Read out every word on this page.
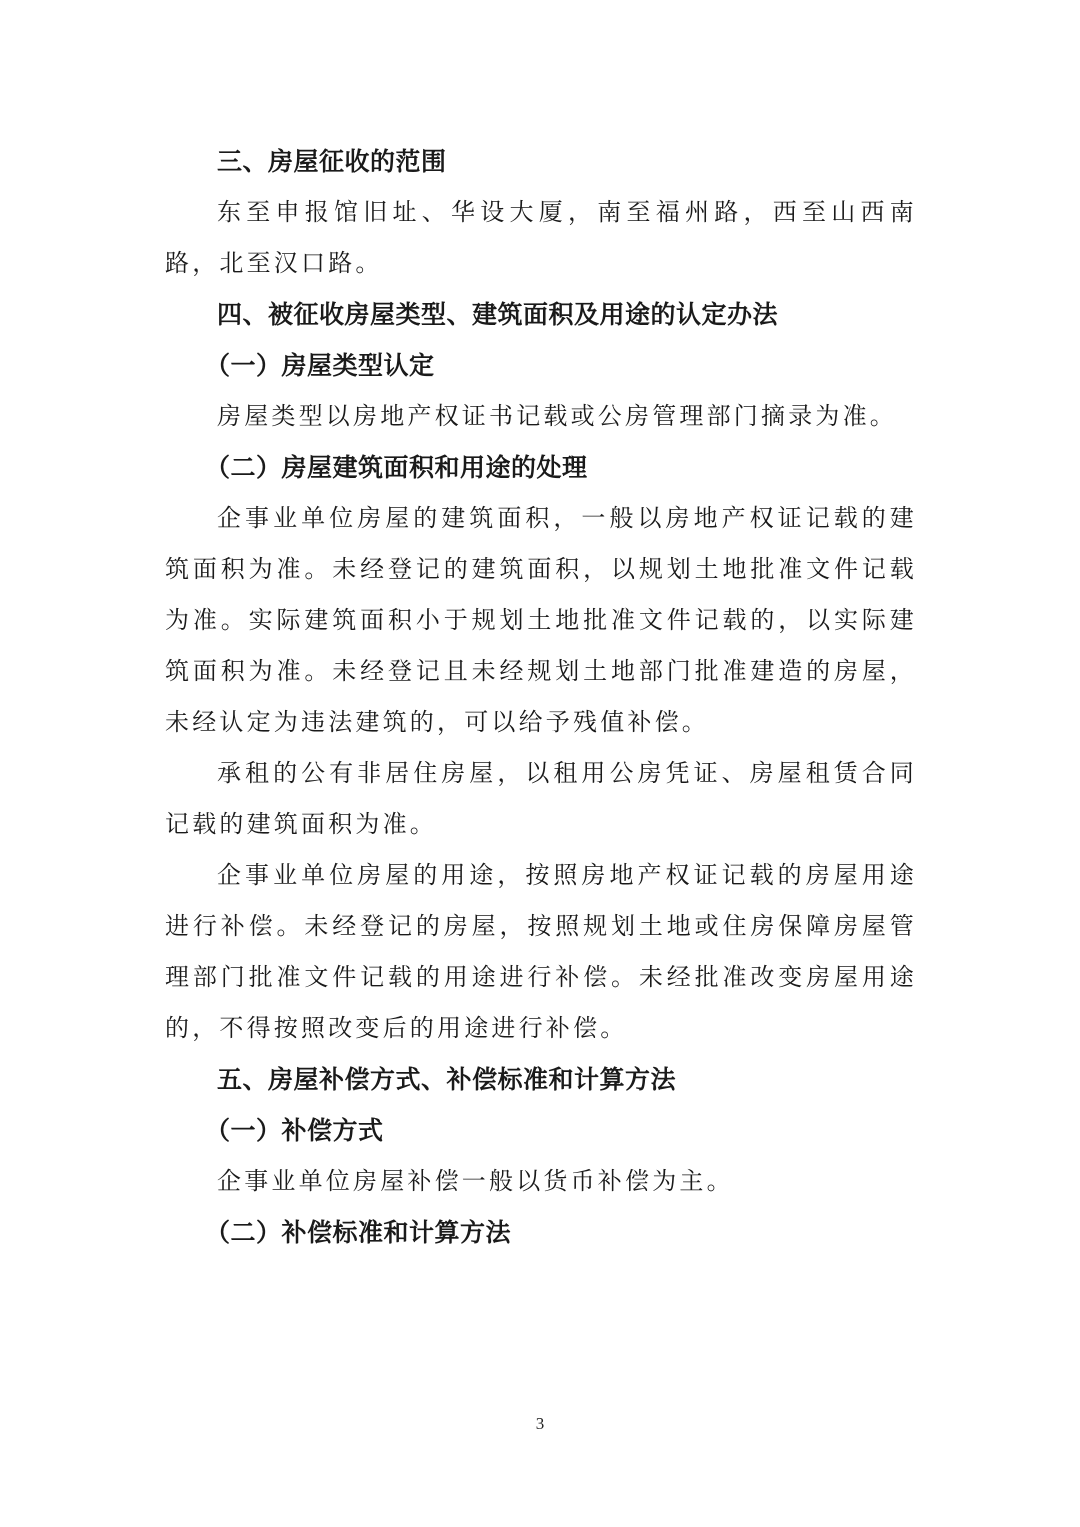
三、房屋征收的范围

东至申报馆旧址、华设大厦，南至福州路，西至山西南路，北至汉口路。

四、被征收房屋类型、建筑面积及用途的认定办法
（一）房屋类型认定

房屋类型以房地产权证书记载或公房管理部门摘录为准。

（二）房屋建筑面积和用途的处理

企事业单位房屋的建筑面积，一般以房地产权证记载的建筑面积为准。未经登记的建筑面积，以规划土地批准文件记载为准。实际建筑面积小于规划土地批准文件记载的，以实际建筑面积为准。未经登记且未经规划土地部门批准建造的房屋，未经认定为违法建筑的，可以给予残值补偿。

承租的公有非居住房屋，以租用公房凭证、房屋租赁合同记载的建筑面积为准。

企事业单位房屋的用途，按照房地产权证记载的房屋用途进行补偿。未经登记的房屋，按照规划土地或住房保障房屋管理部门批准文件记载的用途进行补偿。未经批准改变房屋用途的，不得按照改变后的用途进行补偿。

五、房屋补偿方式、补偿标准和计算方法
（一）补偿方式

企事业单位房屋补偿一般以货币补偿为主。

（二）补偿标准和计算方法
3
